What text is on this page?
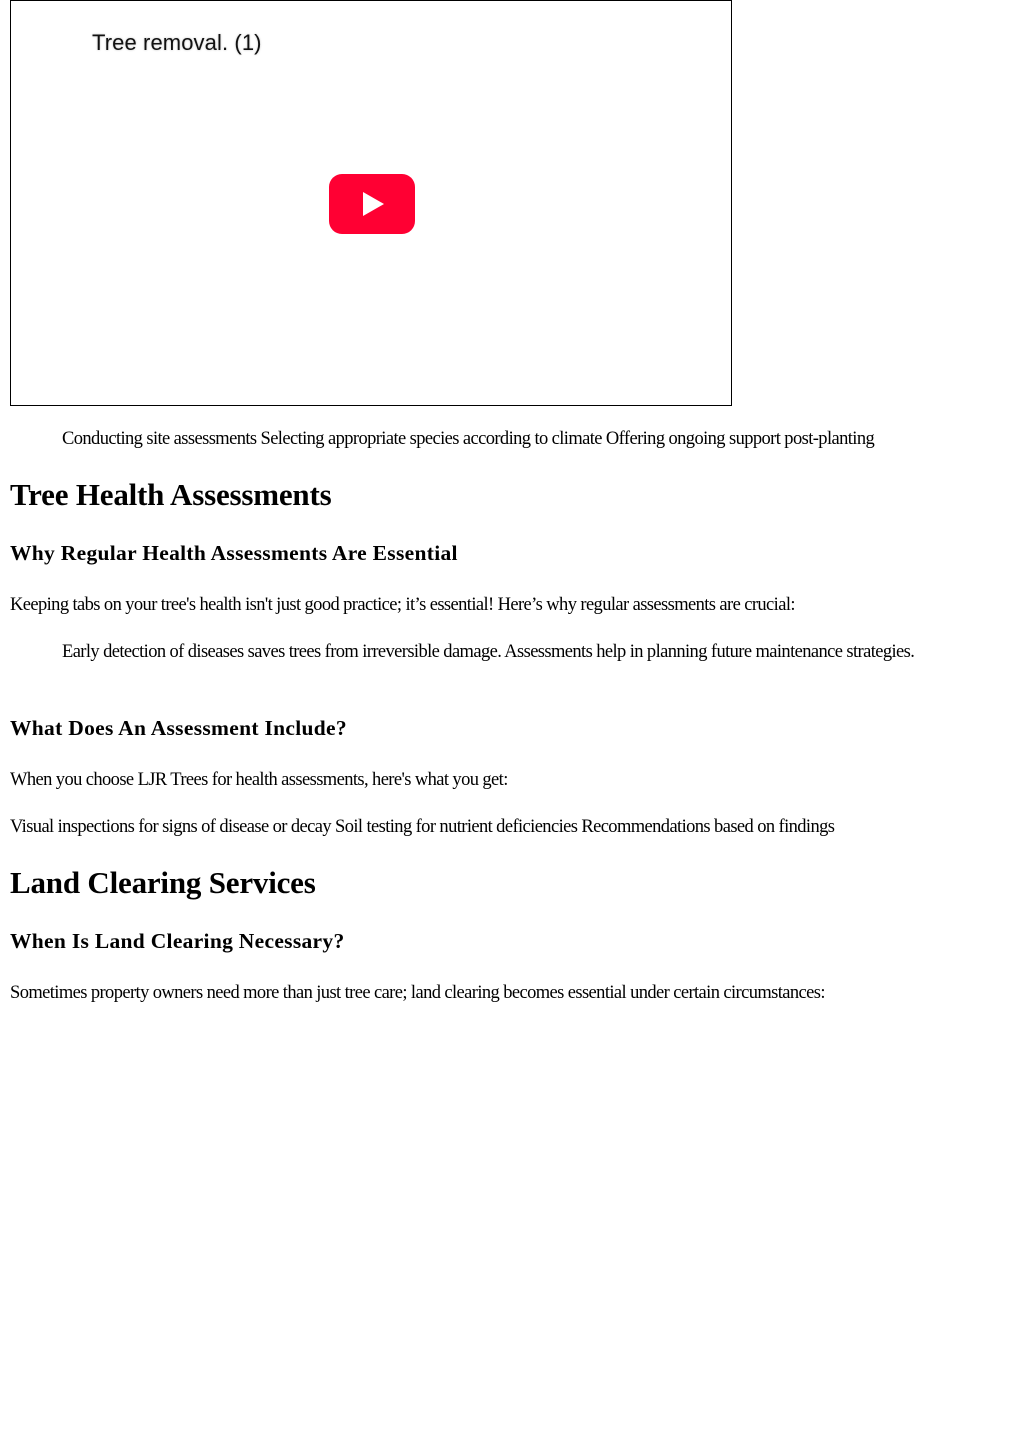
Tree removal. (1)

Conducting site assessments Selecting appropriate species according to climate Offering ongoing support post-planting

Tree Health Assessments
Why Regular Health Assessments Are Essential

Keeping tabs on your tree's health isn't just good practice; it’s essential! Here’s why regular assessments are crucial:

Early detection of diseases saves trees from irreversible damage. Assessments help in planning future maintenance strategies.

What Does An Assessment Include?

When you choose LJR Trees for health assessments, here's what you get:

Visual inspections for signs of disease or decay Soil testing for nutrient deficiencies Recommendations based on findings

Land Clearing Services
When Is Land Clearing Necessary?

Sometimes property owners need more than just tree care; land clearing becomes essential under certain circumstances:
